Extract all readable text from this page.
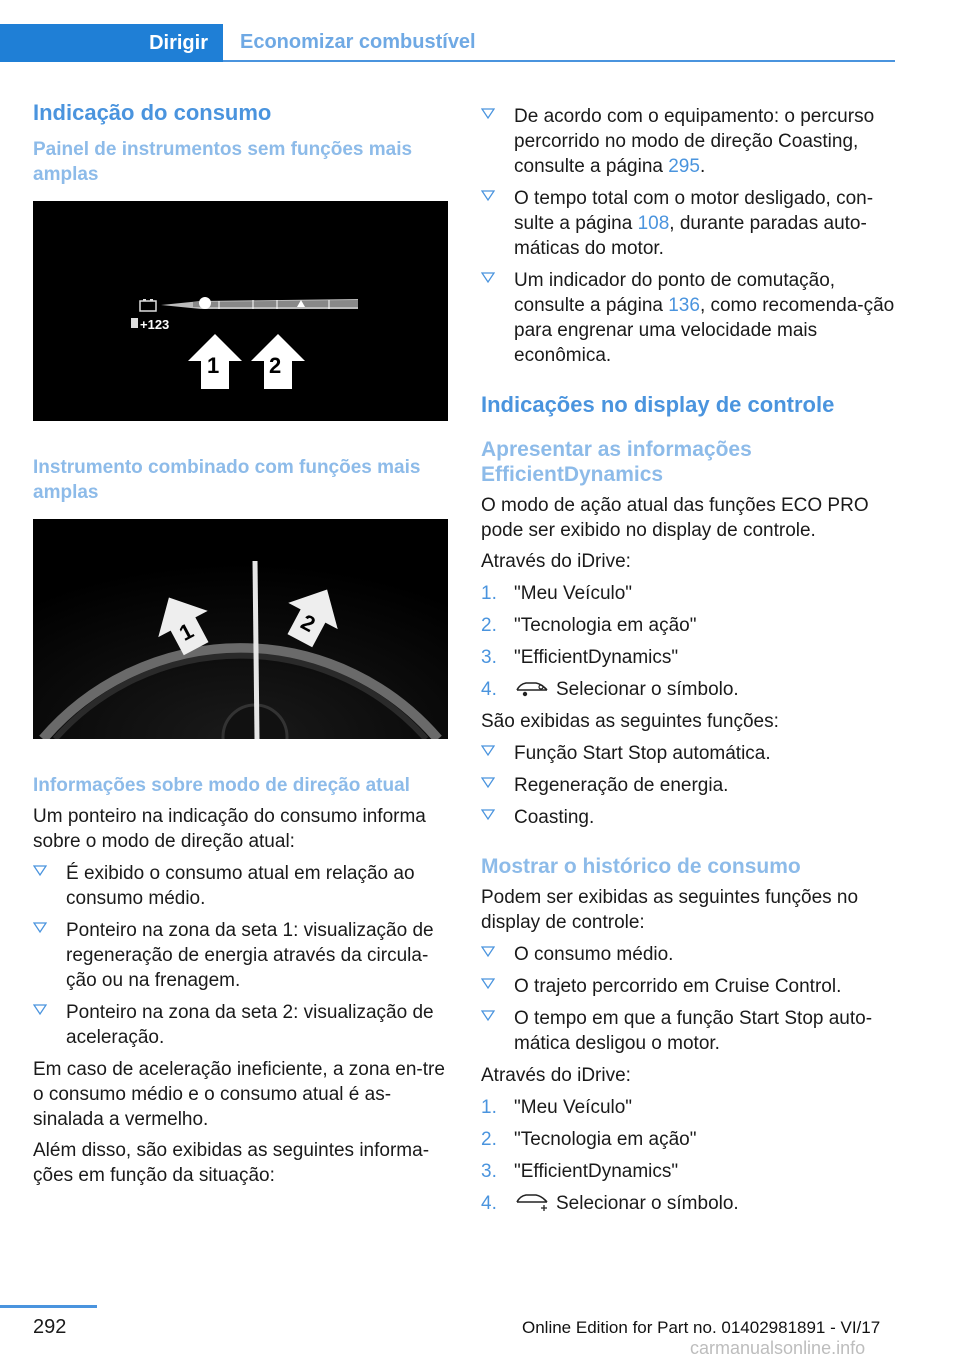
Dirigir	Economizar combustível
Indicação do consumo
Painel de instrumentos sem funções mais amplas
+123
1 2
Instrumento combinado com funções mais amplas
1	2
Informações sobre modo de direção atual
Um ponteiro na indicação do consumo informa sobre o modo de direção atual:
É exibido o consumo atual em relação ao consumo médio.
Ponteiro na zona da seta 1: visualização de regeneração de energia através da circula-ção ou na frenagem.
Ponteiro na zona da seta 2: visualização de aceleração.
Em caso de aceleração ineficiente, a zona en-tre o consumo médio e o consumo atual é as-sinalada a vermelho.
Além disso, são exibidas as seguintes informa-ções em função da situação:
De acordo com o equipamento: o percurso percorrido no modo de direção Coasting, consulte a página 295.
O tempo total com o motor desligado, con-sulte a página 108, durante paradas auto-máticas do motor.
Um indicador do ponto de comutação, consulte a página 136, como recomenda-ção para engrenar uma velocidade mais econômica.
Indicações no display de controle
Apresentar as informações EfficientDynamics
O modo de ação atual das funções ECO PRO pode ser exibido no display de controle.
Através do iDrive:
1. "Meu Veículo"
2. "Tecnologia em ação"
3. "EfficientDynamics"
4.	Selecionar o símbolo.
São exibidas as seguintes funções:
Função Start Stop automática.
Regeneração de energia.
Coasting.
Mostrar o histórico de consumo
Podem ser exibidas as seguintes funções no display de controle:
O consumo médio.
O trajeto percorrido em Cruise Control.
O tempo em que a função Start Stop auto-mática desligou o motor.
Através do iDrive:
1. "Meu Veículo"
2. "Tecnologia em ação"
3. "EfficientDynamics"
4.	Selecionar o símbolo.
292	Online Edition for Part no. 01402981891 - VI/17
carmanualsonline.info
